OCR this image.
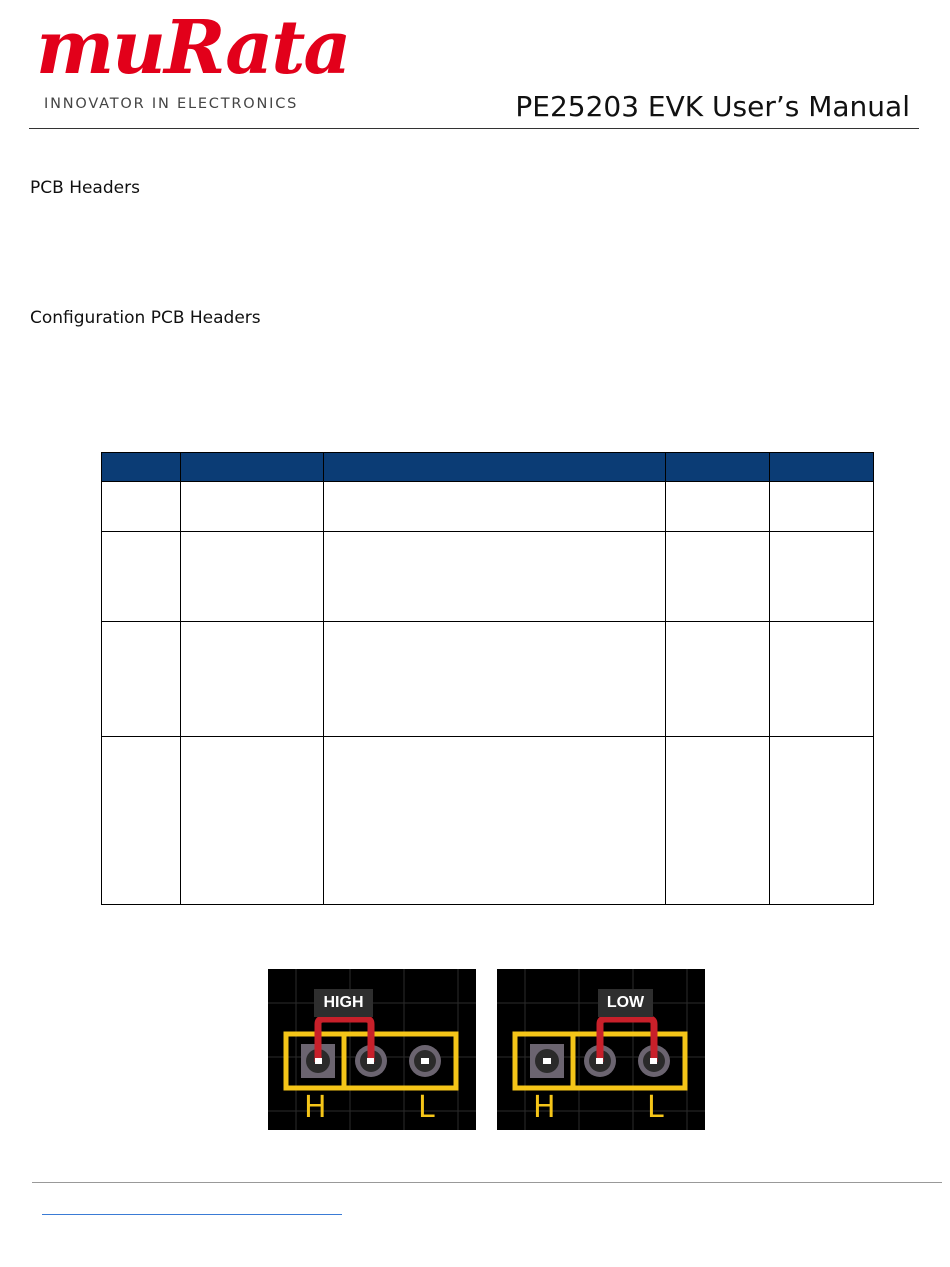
muRata
INNOVATOR IN ELECTRONICS	PE25203 EVK User’s Manual
PCB Headers
Configuration PCB Headers

HIGH
H	L
LOW
H	L
